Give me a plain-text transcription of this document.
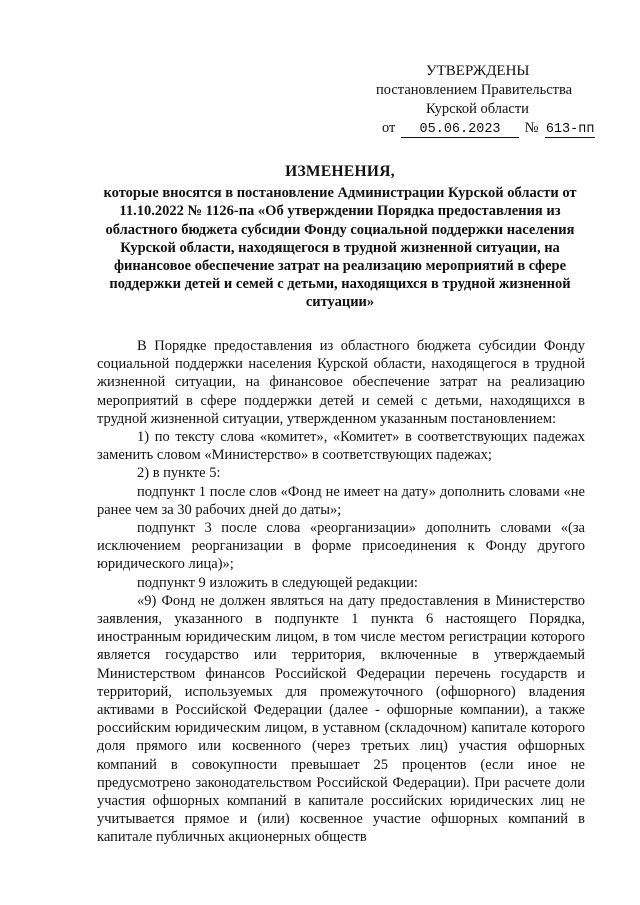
УТВЕРЖДЕНЫ
постановлением Правительства
Курской области
от 05.06.2023 № 613-пп
ИЗМЕНЕНИЯ,
которые вносятся в постановление Администрации Курской области от 11.10.2022 № 1126-па «Об утверждении Порядка предоставления из областного бюджета субсидии Фонду социальной поддержки населения Курской области, находящегося в трудной жизненной ситуации, на финансовое обеспечение затрат на реализацию мероприятий в сфере поддержки детей и семей с детьми, находящихся в трудной жизненной ситуации»

В Порядке предоставления из областного бюджета субсидии Фонду социальной поддержки населения Курской области, находящегося в трудной жизненной ситуации, на финансовое обеспечение затрат на реализацию мероприятий в сфере поддержки детей и семей с детьми, находящихся в трудной жизненной ситуации, утвержденном указанным постановлением:

1) по тексту слова «комитет», «Комитет» в соответствующих падежах заменить словом «Министерство» в соответствующих падежах;

2) в пункте 5:

подпункт 1 после слов «Фонд не имеет на дату» дополнить словами «не ранее чем за 30 рабочих дней до даты»;

подпункт 3 после слова «реорганизации» дополнить словами «(за исключением реорганизации в форме присоединения к Фонду другого юридического лица)»;

подпункт 9 изложить в следующей редакции:

«9) Фонд не должен являться на дату предоставления в Министерство заявления, указанного в подпункте 1 пункта 6 настоящего Порядка, иностранным юридическим лицом, в том числе местом регистрации которого является государство или территория, включенные в утверждаемый Министерством финансов Российской Федерации перечень государств и территорий, используемых для промежуточного (офшорного) владения активами в Российской Федерации (далее - офшорные компании), а также российским юридическим лицом, в уставном (складочном) капитале которого доля прямого или косвенного (через третьих лиц) участия офшорных компаний в совокупности превышает 25 процентов (если иное не предусмотрено законодательством Российской Федерации). При расчете доли участия офшорных компаний в капитале российских юридических лиц не учитывается прямое и (или) косвенное участие офшорных компаний в капитале публичных акционерных обществ
